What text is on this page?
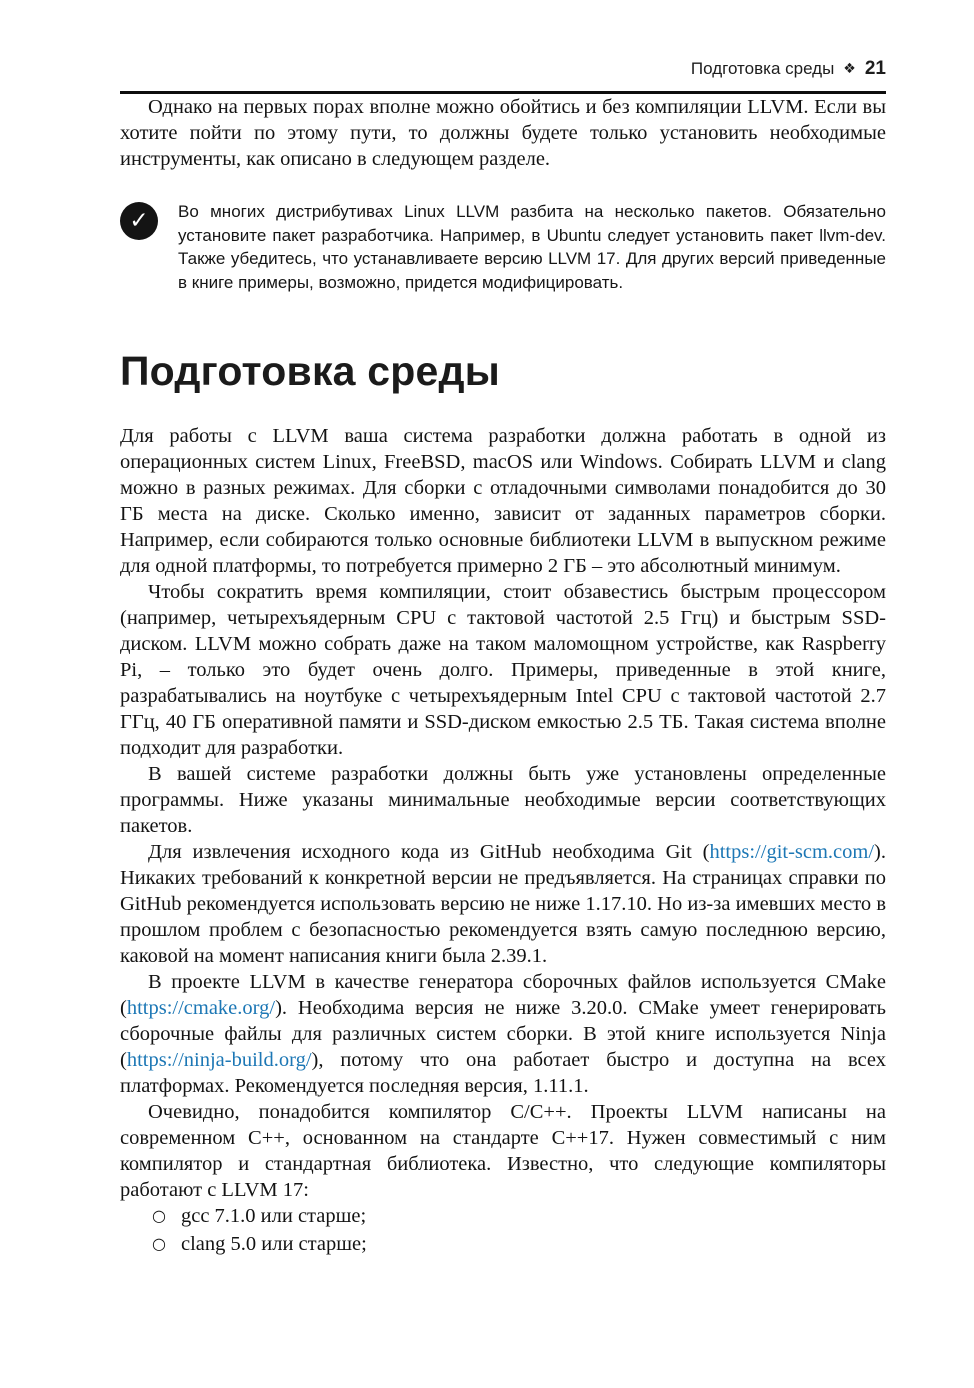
Подготовка среды ❖ 21

Однако на первых порах вполне можно обойтись и без компиляции LLVM. Если вы хотите пойти по этому пути, то должны будете только установить необходимые инструменты, как описано в следующем разделе.

✓	Во многих дистрибутивах Linux LLVM разбита на несколько пакетов. Обязательно установите пакет разработчика. Например, в Ubuntu следует установить пакет llvm-dev. Также убедитесь, что устанавливаете версию LLVM 17. Для других версий приведенные в книге примеры, возможно, придется модифицировать.
Подготовка среды

Для работы с LLVM ваша система разработки должна работать в одной из операционных систем Linux, FreeBSD, macOS или Windows. Собирать LLVM и clang можно в разных режимах. Для сборки с отладочными символами понадобится до 30 ГБ места на диске. Сколько именно, зависит от заданных параметров сборки. Например, если собираются только основные библиотеки LLVM в выпускном режиме для одной платформы, то потребуется примерно 2 ГБ – это абсолютный минимум.

Чтобы сократить время компиляции, стоит обзавестись быстрым процессором (например, четырехъядерным CPU с тактовой частотой 2.5 Ггц) и быстрым SSD-диском. LLVM можно собрать даже на таком маломощном устройстве, как Raspberry Pi, – только это будет очень долго. Примеры, приведенные в этой книге, разрабатывались на ноутбуке с четырехъядерным Intel CPU с тактовой частотой 2.7 ГГц, 40 ГБ оперативной памяти и SSD-диском емкостью 2.5 ТБ. Такая система вполне подходит для разработки.

В вашей системе разработки должны быть уже установлены определенные программы. Ниже указаны минимальные необходимые версии соответствующих пакетов.

Для извлечения исходного кода из GitHub необходима Git (https://git-scm.com/). Никаких требований к конкретной версии не предъявляется. На страницах справки по GitHub рекомендуется использовать версию не ниже 1.17.10. Но из-за имевших место в прошлом проблем с безопасностью рекомендуется взять самую последнюю версию, каковой на момент написания книги была 2.39.1.

В проекте LLVM в качестве генератора сборочных файлов используется CMake (https://cmake.org/). Необходима версия не ниже 3.20.0. CMake умеет генерировать сборочные файлы для различных систем сборки. В этой книге используется Ninja (https://ninja-build.org/), потому что она работает быстро и доступна на всех платформах. Рекомендуется последняя версия, 1.11.1.

Очевидно, понадобится компилятор C/C++. Проекты LLVM написаны на современном C++, основанном на стандарте C++17. Нужен совместимый с ним компилятор и стандартная библиотека. Известно, что следующие компиляторы работают с LLVM 17:

○ gcc 7.1.0 или старше;
○ clang 5.0 или старше;
